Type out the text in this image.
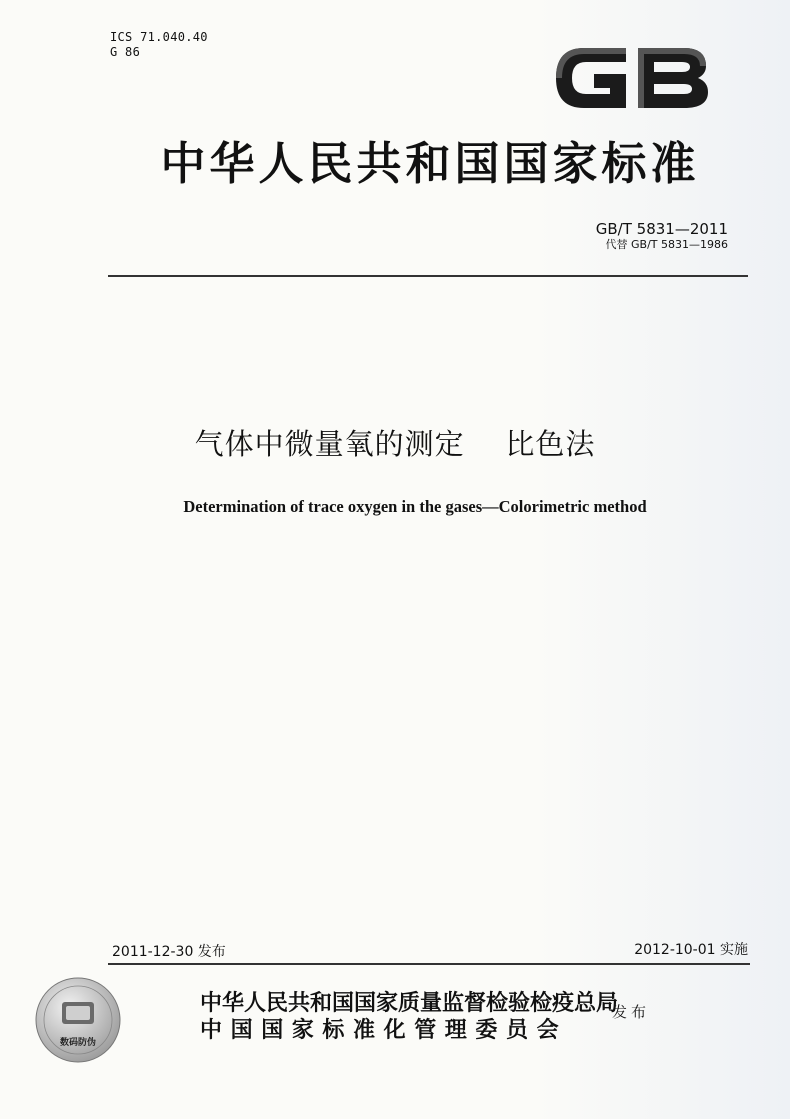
ICS 71.040.40
G 86
中华人民共和国国家标准
GB/T 5831—2011
代替 GB/T 5831—1986
气体中微量氧的测定    比色法
Determination of trace oxygen in the gases—Colorimetric method
2011-12-30 发布	2012-10-01 实施
数码防伪
中华人民共和国国家质量监督检验检疫总局
中国国家标准化管理委员会
发布
